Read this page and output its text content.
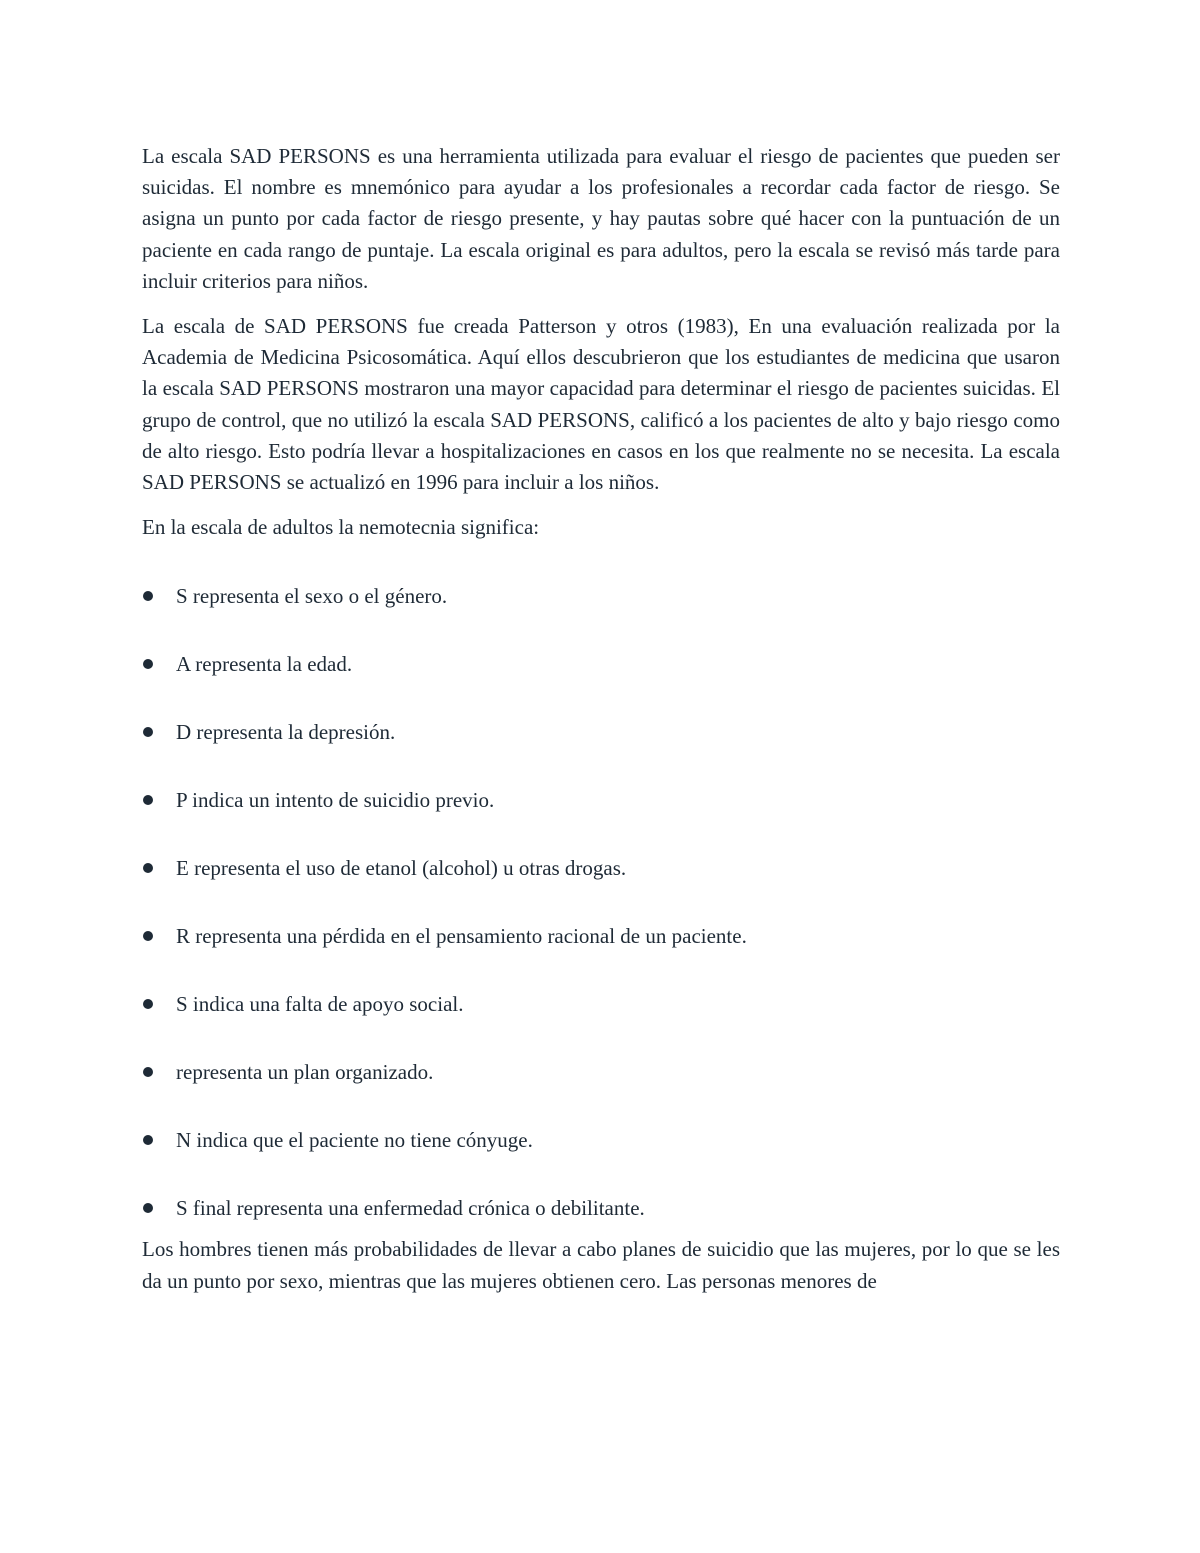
La escala SAD PERSONS es una herramienta utilizada para evaluar el riesgo de pacientes que pueden ser suicidas. El nombre es mnemónico para ayudar a los profesionales a recordar cada factor de riesgo. Se asigna un punto por cada factor de riesgo presente, y hay pautas sobre qué hacer con la puntuación de un paciente en cada rango de puntaje. La escala original es para adultos, pero la escala se revisó más tarde para incluir criterios para niños.

La escala de SAD PERSONS fue creada Patterson y otros (1983), En una evaluación realizada por la Academia de Medicina Psicosomática. Aquí ellos descubrieron que los estudiantes de medicina que usaron la escala SAD PERSONS mostraron una mayor capacidad para determinar el riesgo de pacientes suicidas. El grupo de control, que no utilizó la escala SAD PERSONS, calificó a los pacientes de alto y bajo riesgo como de alto riesgo. Esto podría llevar a hospitalizaciones en casos en los que realmente no se necesita. La escala SAD PERSONS se actualizó en 1996 para incluir a los niños.

En la escala de adultos la nemotecnia significa:

S representa el sexo o el género.
A representa la edad.
D representa la depresión.
P indica un intento de suicidio previo.
E representa el uso de etanol (alcohol) u otras drogas.
R representa una pérdida en el pensamiento racional de un paciente.
S indica una falta de apoyo social.
representa un plan organizado.
N indica que el paciente no tiene cónyuge.
S final representa una enfermedad crónica o debilitante.

Los hombres tienen más probabilidades de llevar a cabo planes de suicidio que las mujeres, por lo que se les da un punto por sexo, mientras que las mujeres obtienen cero. Las personas menores de
